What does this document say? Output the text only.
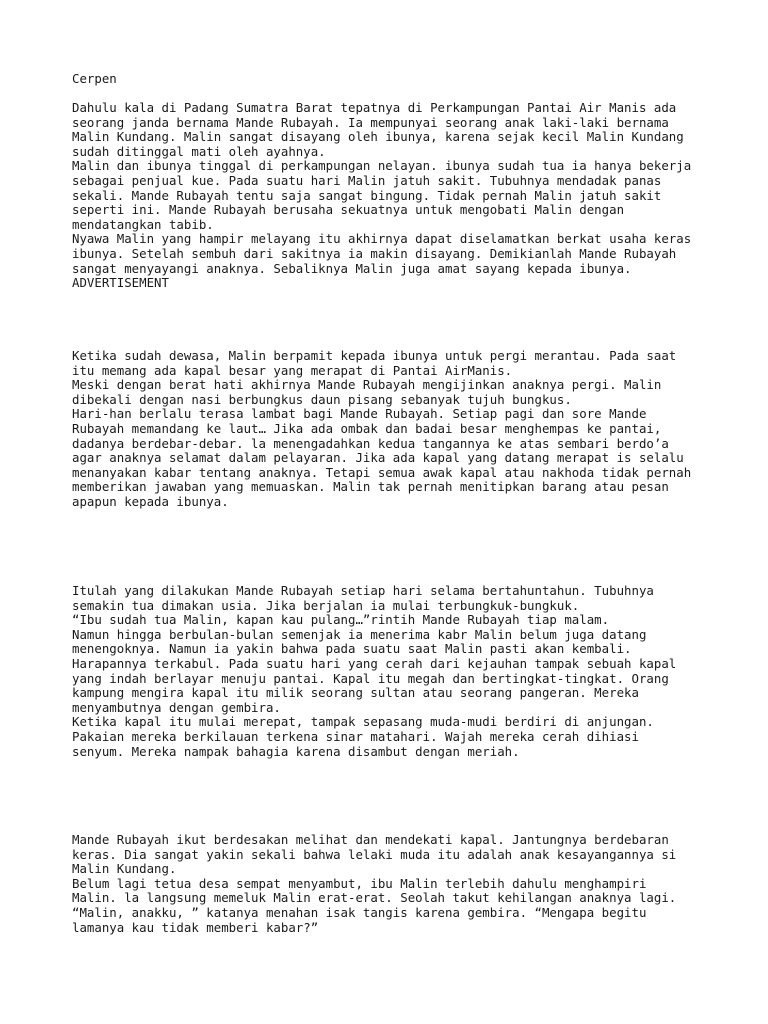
Cerpen

Dahulu kala di Padang Sumatra Barat tepatnya di Perkampungan Pantai Air Manis ada

seorang janda bernama Mande Rubayah. Ia mempunyai seorang anak laki-laki bernama

Malin Kundang. Malin sangat disayang oleh ibunya, karena sejak kecil Malin Kundang

sudah ditinggal mati oleh ayahnya.

Malin dan ibunya tinggal di perkampungan nelayan. ibunya sudah tua ia hanya bekerja

sebagai penjual kue. Pada suatu hari Malin jatuh sakit. Tubuhnya mendadak panas

sekali. Mande Rubayah tentu saja sangat bingung. Tidak pernah Malin jatuh sakit

seperti ini. Mande Rubayah berusaha sekuatnya untuk mengobati Malin dengan

mendatangkan tabib.

Nyawa Malin yang hampir melayang itu akhirnya dapat diselamatkan berkat usaha keras

ibunya. Setelah sembuh dari sakitnya ia makin disayang. Demikianlah Mande Rubayah

sangat menyayangi anaknya. Sebaliknya Malin juga amat sayang kepada ibunya.

ADVERTISEMENT

Ketika sudah dewasa, Malin berpamit kepada ibunya untuk pergi merantau. Pada saat

itu memang ada kapal besar yang merapat di Pantai AirManis.

Meski dengan berat hati akhirnya Mande Rubayah mengijinkan anaknya pergi. Malin

dibekali dengan nasi berbungkus daun pisang sebanyak tujuh bungkus.

Hari-han berlalu terasa lambat bagi Mande Rubayah. Setiap pagi dan sore Mande

Rubayah memandang ke laut… Jika ada ombak dan badai besar menghempas ke pantai,

dadanya berdebar-debar. la menengadahkan kedua tangannya ke atas sembari berdo’a

agar anaknya selamat dalam pelayaran. Jika ada kapal yang datang merapat is selalu

menanyakan kabar tentang anaknya. Tetapi semua awak kapal atau nakhoda tidak pernah

memberikan jawaban yang memuaskan. Malin tak pernah menitipkan barang atau pesan

apapun kepada ibunya.

Itulah yang dilakukan Mande Rubayah setiap hari selama bertahuntahun. Tubuhnya

semakin tua dimakan usia. Jika berjalan ia mulai terbungkuk-bungkuk.

“Ibu sudah tua Malin, kapan kau pulang…”rintih Mande Rubayah tiap malam.

Namun hingga berbulan-bulan semenjak ia menerima kabr Malin belum juga datang

menengoknya. Namun ia yakin bahwa pada suatu saat Malin pasti akan kembali.

Harapannya terkabul. Pada suatu hari yang cerah dari kejauhan tampak sebuah kapal

yang indah berlayar menuju pantai. Kapal itu megah dan bertingkat-tingkat. Orang

kampung mengira kapal itu milik seorang sultan atau seorang pangeran. Mereka

menyambutnya dengan gembira.

Ketika kapal itu mulai merepat, tampak sepasang muda-mudi berdiri di anjungan.

Pakaian mereka berkilauan terkena sinar matahari. Wajah mereka cerah dihiasi

senyum. Mereka nampak bahagia karena disambut dengan meriah.

Mande Rubayah ikut berdesakan melihat dan mendekati kapal. Jantungnya berdebaran

keras. Dia sangat yakin sekali bahwa lelaki muda itu adalah anak kesayangannya si

Malin Kundang.

Belum lagi tetua desa sempat menyambut, ibu Malin terlebih dahulu menghampiri

Malin. la langsung memeluk Malin erat-erat. Seolah takut kehilangan anaknya lagi.

“Malin, anakku, ” katanya menahan isak tangis karena gembira. “Mengapa begitu

lamanya kau tidak memberi kabar?”
